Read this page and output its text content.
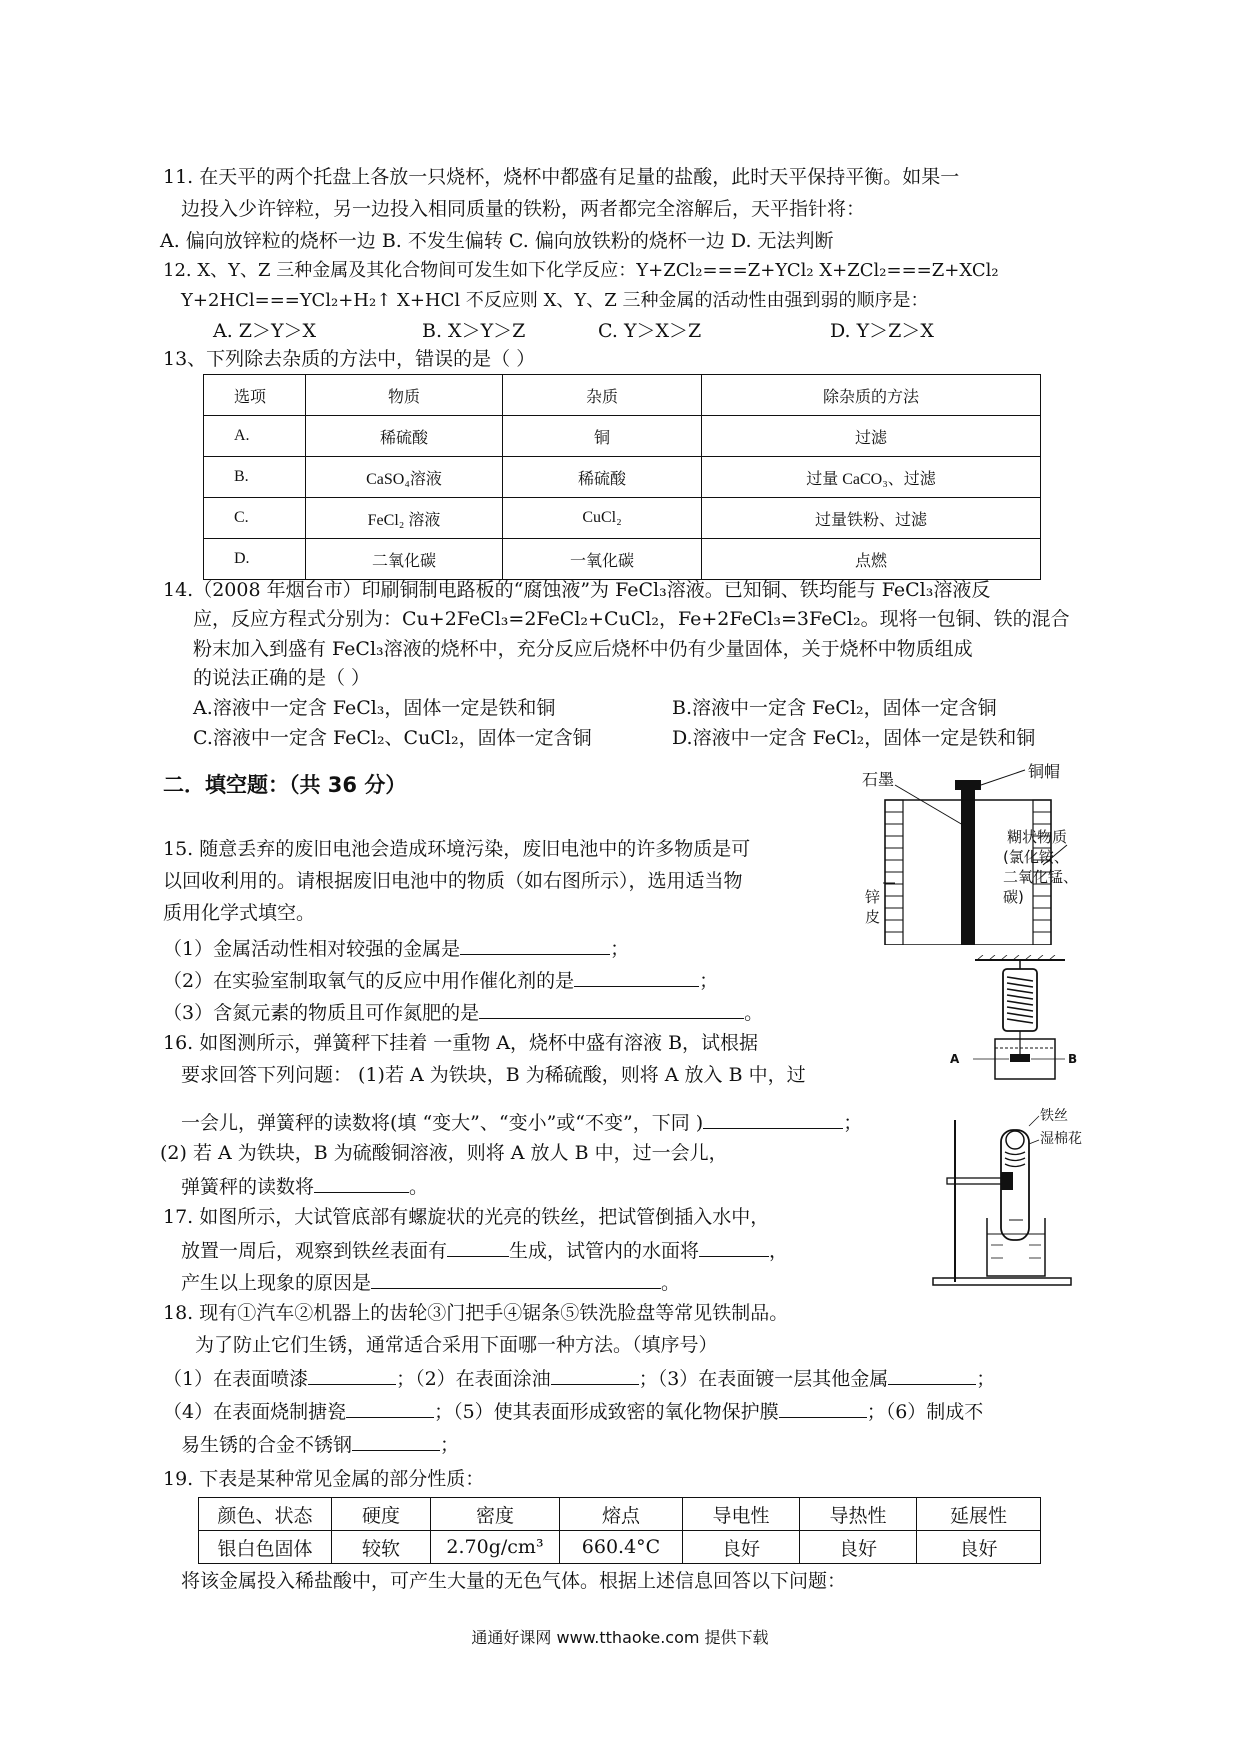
11. 在天平的两个托盘上各放一只烧杯，烧杯中都盛有足量的盐酸，此时天平保持平衡。如果一
边投入少许锌粒，另一边投入相同质量的铁粉，两者都完全溶解后，天平指针将：
A. 偏向放锌粒的烧杯一边 B. 不发生偏转 C. 偏向放铁粉的烧杯一边 D. 无法判断
12. X、Y、Z 三种金属及其化合物间可发生如下化学反应：Y+ZCl₂===Z+YCl₂ X+ZCl₂===Z+XCl₂
Y+2HCl===YCl₂+H₂↑ X+HCl 不反应则 X、Y、Z 三种金属的活动性由强到弱的顺序是：
A. Z＞Y＞X	B. X＞Y＞Z	C. Y＞X＞Z	D. Y＞Z＞X
13、下列除去杂质的方法中，错误的是（ ）
选项	物质	杂质	除杂质的方法
A.	稀硫酸	铜	过滤
B.	CaSO₄溶液	稀硫酸	过量 CaCO₃、过滤
C.	FeCl₂ 溶液	CuCl₂	过量铁粉、过滤
D.	二氧化碳	一氧化碳	点燃
14.（2008 年烟台市）印刷铜制电路板的“腐蚀液”为 FeCl₃溶液。已知铜、铁均能与 FeCl₃溶液反
应，反应方程式分别为：Cu+2FeCl₃=2FeCl₂+CuCl₂，Fe+2FeCl₃=3FeCl₂。现将一包铜、铁的混合
粉末加入到盛有 FeCl₃溶液的烧杯中，充分反应后烧杯中仍有少量固体，关于烧杯中物质组成
的说法正确的是（ ）
A.溶液中一定含 FeCl₃，固体一定是铁和铜	B.溶液中一定含 FeCl₂，固体一定含铜
C.溶液中一定含 FeCl₂、CuCl₂，固体一定含铜	D.溶液中一定含 FeCl₂，固体一定是铁和铜
二．填空题：（共 36 分）
15. 随意丢弃的废旧电池会造成环境污染，废旧电池中的许多物质是可
以回收利用的。请根据废旧电池中的物质（如右图所示），选用适当物
质用化学式填空。
（1）金属活动性相对较强的金属是	；
（2）在实验室制取氧气的反应中用作催化剂的是	；
（3）含氮元素的物质且可作氮肥的是	。
石墨	铜帽
糊状物质
(氯化铵、
二氧化锰、
碳)
锌
皮
16. 如图测所示，弹簧秤下挂着 一重物 A，烧杯中盛有溶液 B，试根据
要求回答下列问题： (1)若 A 为铁块，B 为稀硫酸，则将 A 放入 B 中，过
一会儿，弹簧秤的读数将(填 “变大”、“变小”或“不变”，下同 )	；
(2) 若 A 为铁块，B 为硫酸铜溶液，则将 A 放人 B 中，过一会儿，
弹簧秤的读数将	。
A	B
17. 如图所示，大试管底部有螺旋状的光亮的铁丝，把试管倒插入水中，
放置一周后，观察到铁丝表面有	生成，试管内的水面将	，
产生以上现象的原因是	。
铁丝
湿棉花
18. 现有①汽车②机器上的齿轮③门把手④锯条⑤铁洗脸盘等常见铁制品。
为了防止它们生锈，通常适合采用下面哪一种方法。（填序号）
（1）在表面喷漆	；（2）在表面涂油	；（3）在表面镀一层其他金属	；
（4）在表面烧制搪瓷	；（5）使其表面形成致密的氧化物保护膜	；（6）制成不
易生锈的合金不锈钢	；
19. 下表是某种常见金属的部分性质：
颜色、状态	硬度	密度	熔点	导电性	导热性	延展性
银白色固体	较软	2.70g/cm³	660.4°C	良好	良好	良好
将该金属投入稀盐酸中，可产生大量的无色气体。根据上述信息回答以下问题：
通通好课网 www.tthaoke.com 提供下载
